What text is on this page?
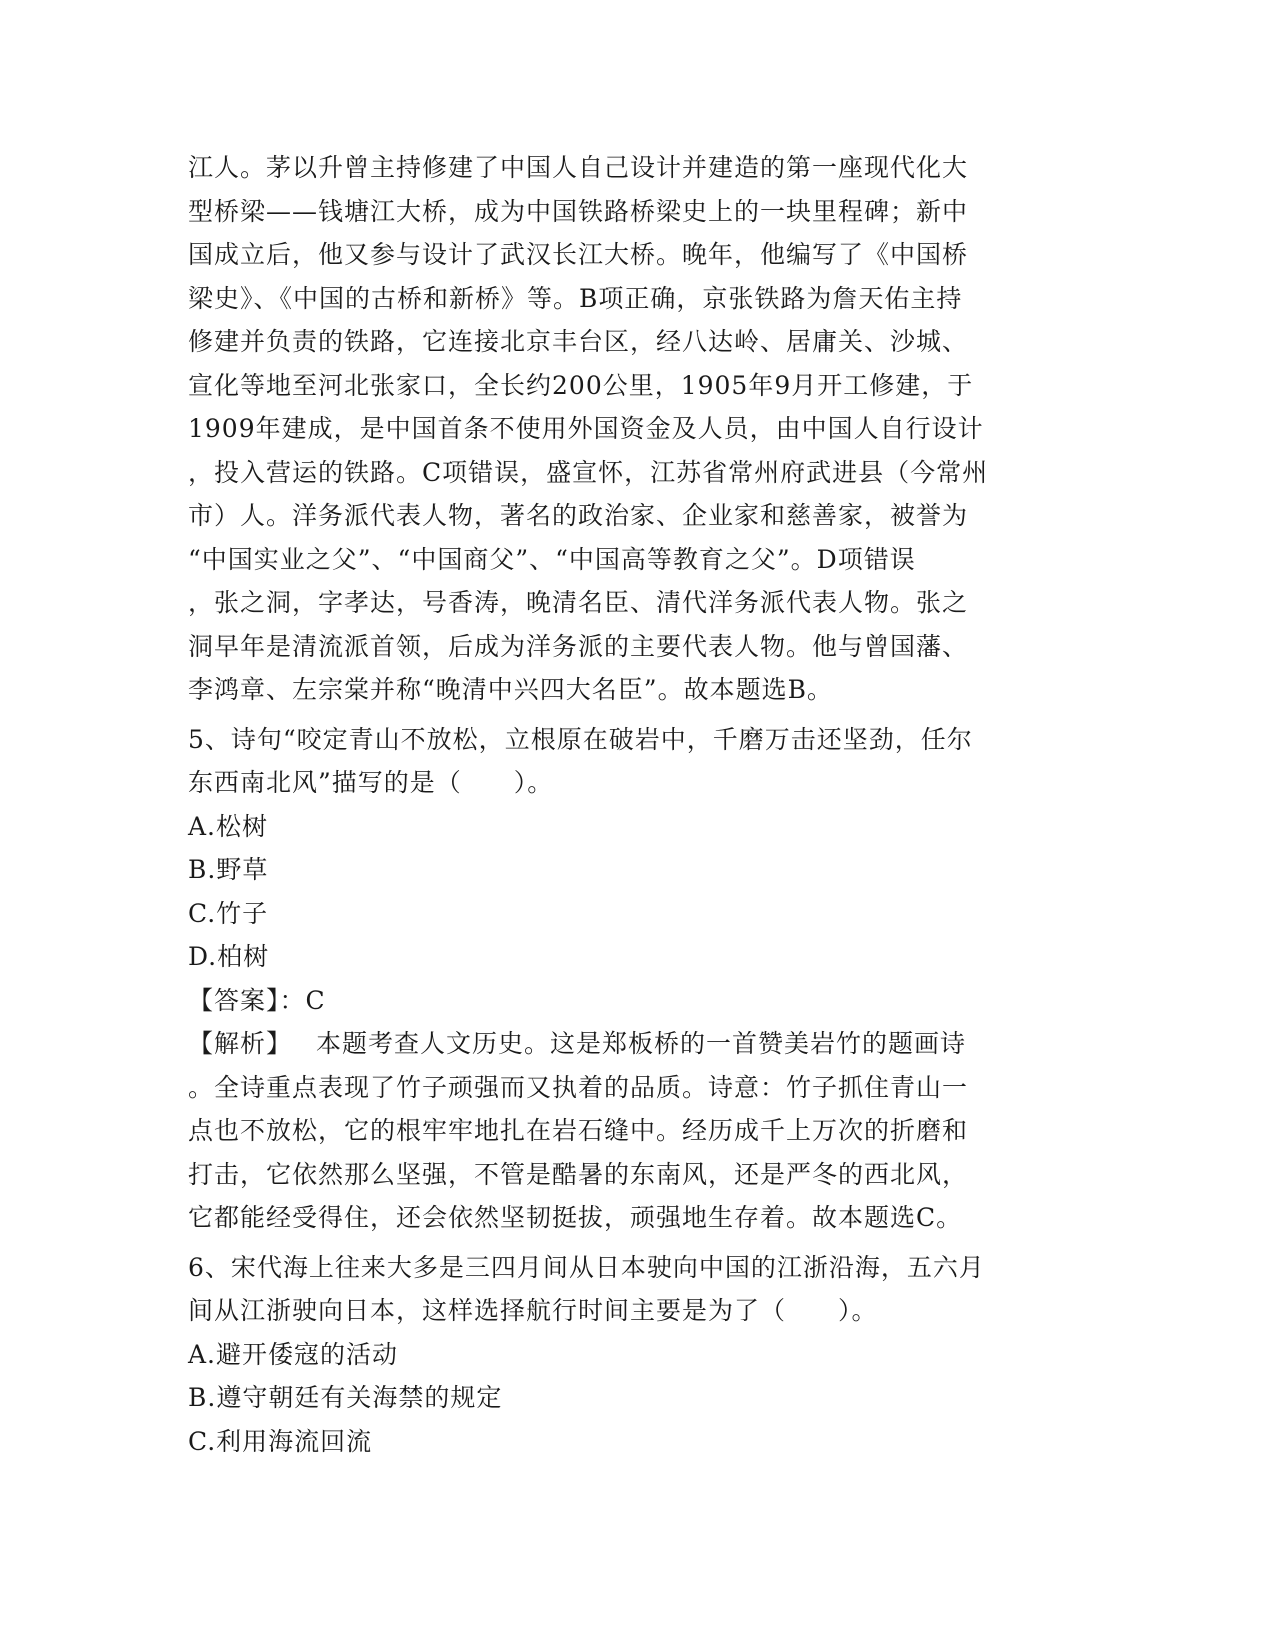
江人。茅以升曾主持修建了中国人自己设计并建造的第一座现代化大
型桥梁——钱塘江大桥，成为中国铁路桥梁史上的一块里程碑；新中
国成立后，他又参与设计了武汉长江大桥。晚年，他编写了《中国桥
梁史》、《中国的古桥和新桥》等。B项正确，京张铁路为詹天佑主持
修建并负责的铁路，它连接北京丰台区，经八达岭、居庸关、沙城、
宣化等地至河北张家口，全长约200公里，1905年9月开工修建，于
1909年建成，是中国首条不使用外国资金及人员，由中国人自行设计
，投入营运的铁路。C项错误，盛宣怀，江苏省常州府武进县（今常州
市）人。洋务派代表人物，著名的政治家、企业家和慈善家，被誉为
“中国实业之父”、“中国商父”、“中国高等教育之父”。D项错误
，张之洞，字孝达，号香涛，晚清名臣、清代洋务派代表人物。张之
洞早年是清流派首领，后成为洋务派的主要代表人物。他与曾国藩、
李鸿章、左宗棠并称“晚清中兴四大名臣”。故本题选B。
5、诗句“咬定青山不放松，立根原在破岩中，千磨万击还坚劲，任尔
东西南北风”描写的是（　　）。
A.松树
B.野草
C.竹子
D.柏树
【答案】：C
【解析】 本题考查人文历史。这是郑板桥的一首赞美岩竹的题画诗
。全诗重点表现了竹子顽强而又执着的品质。诗意：竹子抓住青山一
点也不放松，它的根牢牢地扎在岩石缝中。经历成千上万次的折磨和
打击，它依然那么坚强，不管是酷暑的东南风，还是严冬的西北风，
它都能经受得住，还会依然坚韧挺拔，顽强地生存着。故本题选C。
6、宋代海上往来大多是三四月间从日本驶向中国的江浙沿海，五六月
间从江浙驶向日本，这样选择航行时间主要是为了（　　）。
A.避开倭寇的活动
B.遵守朝廷有关海禁的规定
C.利用海流回流
